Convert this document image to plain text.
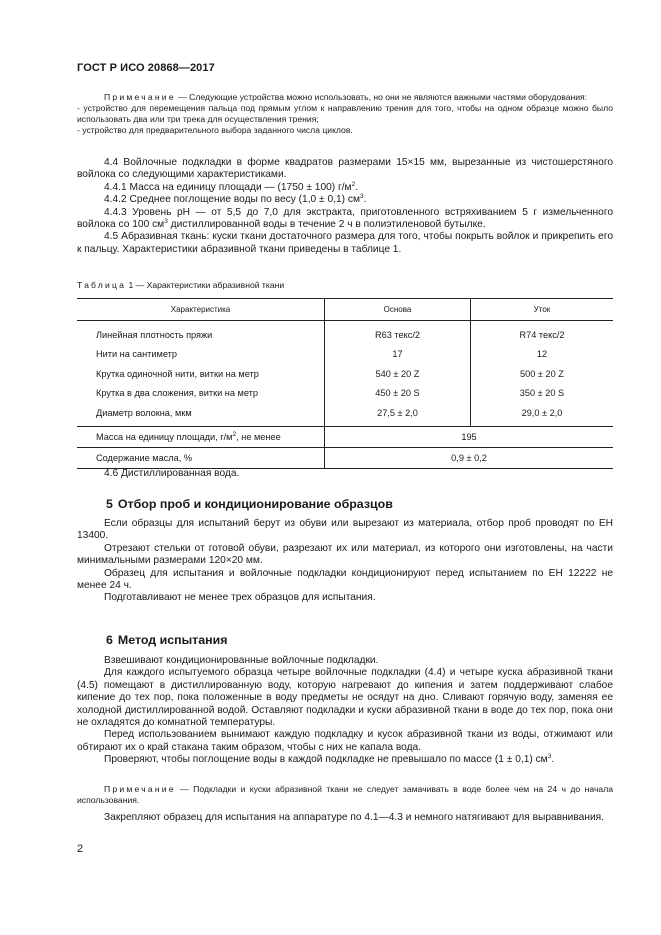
ГОСТ Р ИСО 20868—2017

Примечание — Следующие устройства можно использовать, но они не являются важными частями оборудования:

- устройство для перемещения пальца под прямым углом к направлению трения для того, чтобы на одном образце можно было использовать два или три трека для осуществления трения;

- устройство для предварительного выбора заданного числа циклов.

4.4 Войлочные подкладки в форме квадратов размерами 15×15 мм, вырезанные из чистошерстяного войлока со следующими характеристиками.

4.4.1 Масса на единицу площади — (1750 ± 100) $г/м^2$.

4.4.2 Среднее поглощение воды по весу (1,0 ± 0,1) $см^3$.

4.4.3 Уровень pH — от 5,5 до 7,0 для экстракта, приготовленного встряхиванием 5 г измельченного войлока со 100 $см^3$ дистиллированной воды в течение 2 ч в полиэтиленовой бутылке.

4.5 Абразивная ткань: куски ткани достаточного размера для того, чтобы покрыть войлок и прикрепить его к пальцу. Характеристики абразивной ткани приведены в таблице 1.

Таблица 1 — Характеристики абразивной ткани
Характеристика	Основа	Уток
Линейная плотность пряжи	R63 текс/2	R74 текс/2
Нити на сантиметр	17	12
Крутка одиночной нити, витки на метр	540 ± 20 Z	500 ± 20 Z
Крутка в два сложения, витки на метр	450 ± 20 S	350 ± 20 S
Диаметр волокна, мкм	27,5 ± 2,0	29,0 ± 2,0
Масса на единицу площади, $г/м^2$, не менее	195	
Содержание масла, %	0,9 ± 0,2	

4.6 Дистиллированная вода.

5 Отбор проб и кондиционирование образцов

Если образцы для испытаний берут из обуви или вырезают из материала, отбор проб проводят по ЕН 13400.

Отрезают стельки от готовой обуви, разрезают их или материал, из которого они изготовлены, на части минимальными размерами 120×20 мм.

Образец для испытания и войлочные подкладки кондиционируют перед испытанием по ЕН 12222 не менее 24 ч.

Подготавливают не менее трех образцов для испытания.

6 Метод испытания

Взвешивают кондиционированные войлочные подкладки.

Для каждого испытуемого образца четыре войлочные подкладки (4.4) и четыре куска абразивной ткани (4.5) помещают в дистиллированную воду, которую нагревают до кипения и затем поддерживают слабое кипение до тех пор, пока положенные в воду предметы не осядут на дно. Сливают горячую воду, заменяя ее холодной дистиллированной водой. Оставляют подкладки и куски абразивной ткани в воде до тех пор, пока они не охладятся до комнатной температуры.

Перед использованием вынимают каждую подкладку и кусок абразивной ткани из воды, отжимают или обтирают их о край стакана таким образом, чтобы с них не капала вода.

Проверяют, чтобы поглощение воды в каждой подкладке не превышало по массе (1 ± 0,1) $см^3$.

Примечание — Подкладки и куски абразивной ткани не следует замачивать в воде более чем на 24 ч до начала использования.

Закрепляют образец для испытания на аппаратуре по 4.1—4.3 и немного натягивают для выравнивания.

2
